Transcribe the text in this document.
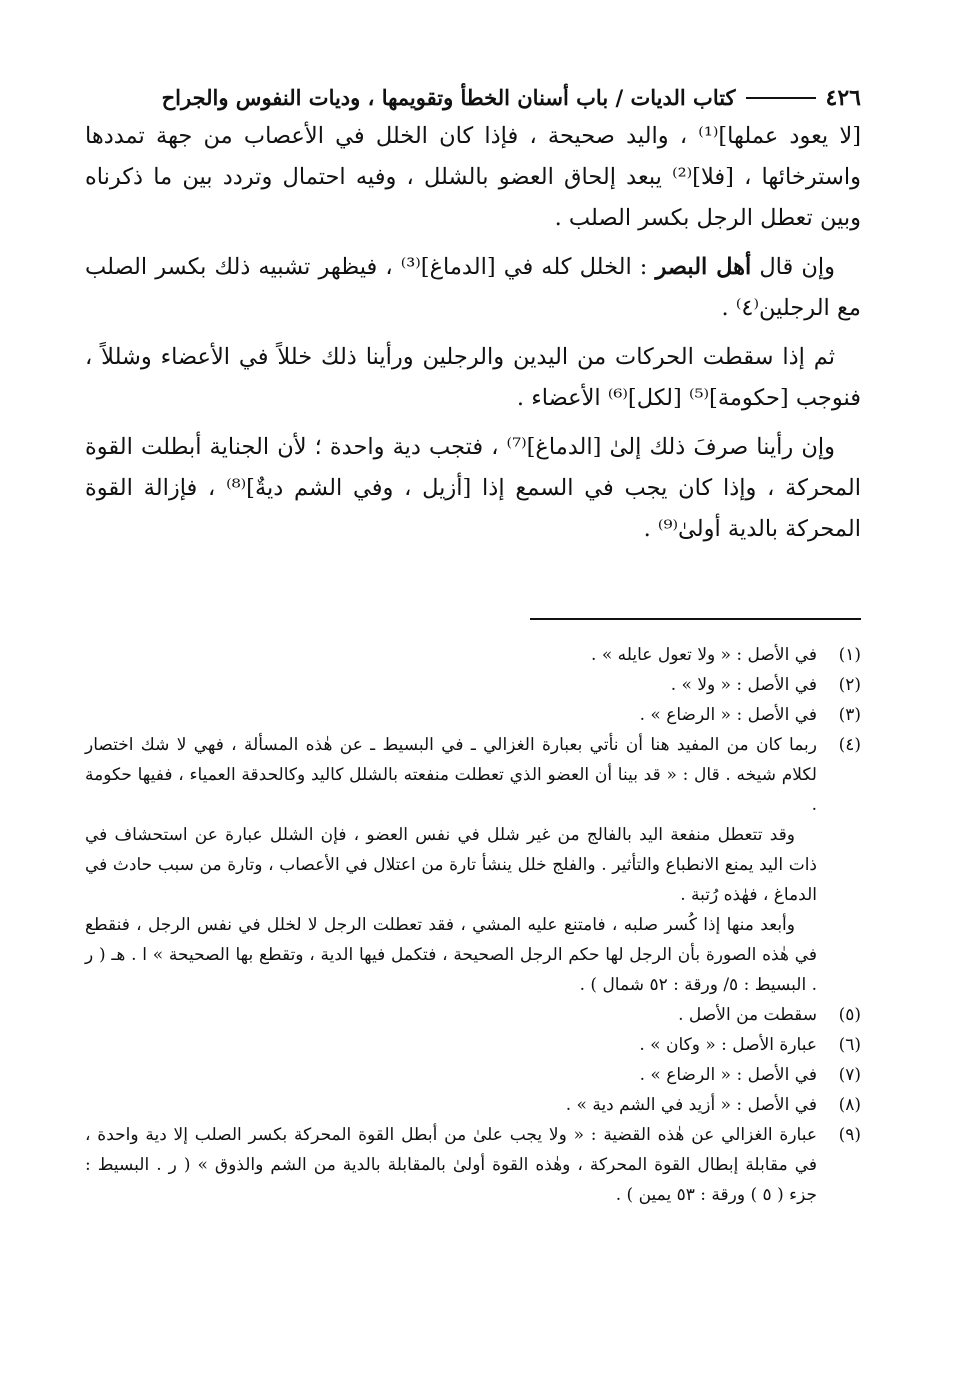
٤٢٦
كتاب الديات / باب أسنان الخطأ وتقويمها ، وديات النفوس والجراح

[لا يعود عملها]⁽¹⁾ ، واليد صحيحة ، فإذا كان الخلل في الأعصاب من جهة تمددها واسترخائها ، [فلا]⁽²⁾ يبعد إلحاق العضو بالشلل ، وفيه احتمال وتردد بين ما ذكرناه وبين تعطل الرجل بكسر الصلب .

وإن قال أهل البصر : الخلل كله في [الدماغ]⁽³⁾ ، فيظهر تشبيه ذلك بكسر الصلب مع الرجلين⁽٤⁾ .

ثم إذا سقطت الحركات من اليدين والرجلين ورأينا ذلك خللاً في الأعضاء وشللاً ، فنوجب [حكومة]⁽⁵⁾ [لكل]⁽⁶⁾ الأعضاء .

وإن رأينا صرفَ ذلك إلىٰ [الدماغ]⁽⁷⁾ ، فتجب دية واحدة ؛ لأن الجناية أبطلت القوة المحركة ، وإذا كان يجب في السمع إذا [أزيل ، وفي الشم ديةٌ]⁽⁸⁾ ، فإزالة القوة المحركة بالدية أولىٰ⁽⁹⁾ .

(١)
في الأصل : « ولا تعول عايله » .
(٢)
في الأصل : « ولا » .
(٣)
في الأصل : « الرضاع » .
(٤)
ربما كان من المفيد هنا أن نأتي بعبارة الغزالي ـ في البسيط ـ عن هٰذه المسألة ، فهي لا شك اختصار لكلام شيخه . قال : « قد بينا أن العضو الذي تعطلت منفعته بالشلل كاليد وكالحدقة العمياء ، ففيها حكومة .

وقد تتعطل منفعة اليد بالفالج من غير شلل في نفس العضو ، فإن الشلل عبارة عن استحشاف في ذات اليد يمنع الانطباع والتأثير . والفلج خلل ينشأ تارة من اعتلال في الأعصاب ، وتارة من سبب حادث في الدماغ ، فهٰذه رُتبة .

وأبعد منها إذا كُسر صلبه ، فامتنع عليه المشي ، فقد تعطلت الرجل لا لخلل في نفس الرجل ، فنقطع في هٰذه الصورة بأن الرجل لها حكم الرجل الصحيحة ، فتكمل فيها الدية ، وتقطع بها الصحيحة » ا . هـ ( ر . البسيط : ٥/ ورقة : ٥٢ شمال ) .

(٥)
سقطت من الأصل .
(٦)
عبارة الأصل : « وكان » .
(٧)
في الأصل : « الرضاع » .
(٨)
في الأصل : « أزيد في الشم دية » .
(٩)
عبارة الغزالي عن هٰذه القضية : « ولا يجب علىٰ من أبطل القوة المحركة بكسر الصلب إلا دية واحدة ، في مقابلة إبطال القوة المحركة ، وهٰذه القوة أولىٰ بالمقابلة بالدية من الشم والذوق » ( ر . البسيط : جزء ( ٥ ) ورقة : ٥٣ يمين ) .
